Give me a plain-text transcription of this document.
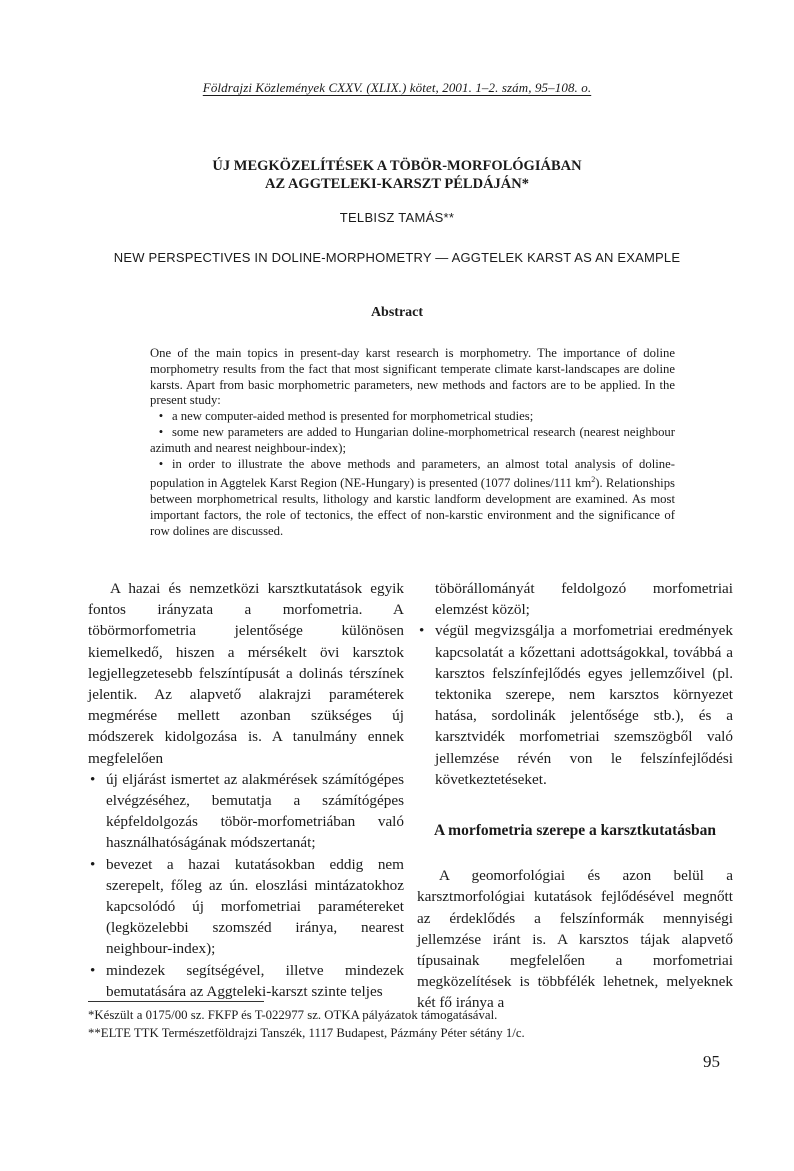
Földrajzi Közlemények CXXV. (XLIX.) kötet, 2001. 1–2. szám, 95–108. o.
ÚJ MEGKÖZELÍTÉSEK A TÖBÖR-MORFOLÓGIÁBAN
AZ AGGTELEKI-KARSZT PÉLDÁJÁN*
TELBISZ TAMÁS**
NEW PERSPECTIVES IN DOLINE-MORPHOMETRY — AGGTELEK KARST AS AN EXAMPLE
Abstract

One of the main topics in present-day karst research is morphometry. The importance of doline morphometry results from the fact that most significant temperate climate karst-landscapes are doline karsts. Apart from basic morphometric parameters, new methods and factors are to be applied. In the present study:

• a new computer-aided method is presented for morphometrical studies;

• some new parameters are added to Hungarian doline-morphometrical research (nearest neighbour azimuth and nearest neighbour-index);

• in order to illustrate the above methods and parameters, an almost total analysis of doline-population in Aggtelek Karst Region (NE-Hungary) is presented (1077 dolines/111 $km^2$). Relationships between morphometrical results, lithology and karstic landform development are examined. As most important factors, the role of tectonics, the effect of non-karstic environment and the significance of row dolines are discussed.

A hazai és nemzetközi karsztkutatások egyik fontos irányzata a morfometria. A töbörmorfometria jelentősége különösen kiemelkedő, hiszen a mérsékelt övi karsztok legjellegzetesebb felszíntípusát a dolinás térszínek jelentik. Az alapvető alakrajzi paraméterek megmérése mellett azonban szükséges új módszerek kidolgozása is. A tanulmány ennek megfelelően

• új eljárást ismertet az alakmérések számítógépes elvégzéséhez, bemutatja a számítógépes képfeldolgozás töbör-morfometriában való használhatóságának módszertanát;
• bevezet a hazai kutatásokban eddig nem szerepelt, főleg az ún. eloszlási mintázatokhoz kapcsolódó új morfometriai paramétereket (legközelebbi szomszéd iránya, nearest neighbour-index);
• mindezek segítségével, illetve mindezek bemutatására az Aggteleki-karszt szinte teljes

töbörállományát feldolgozó morfometriai elemzést közöl;

• végül megvizsgálja a morfometriai eredmények kapcsolatát a kőzettani adottságokkal, továbbá a karsztos felszínfejlődés egyes jellemzőivel (pl. tektonika szerepe, nem karsztos környezet hatása, sordolinák jelentősége stb.), és a karsztvidék morfometriai szemszögből való jellemzése révén von le felszínfejlődési következtetéseket.
A morfometria szerepe a karsztkutatásban

A geomorfológiai és azon belül a karsztmorfológiai kutatások fejlődésével megnőtt az érdeklődés a felszínformák mennyiségi jellemzése iránt is. A karsztos tájak alapvető típusainak megfelelően a morfometriai megközelítések is többfélék lehetnek, melyeknek két fő iránya a

*Készült a 0175/00 sz. FKFP és T-022977 sz. OTKA pályázatok támogatásával.

**ELTE TTK Természetföldrajzi Tanszék, 1117 Budapest, Pázmány Péter sétány 1/c.

95
